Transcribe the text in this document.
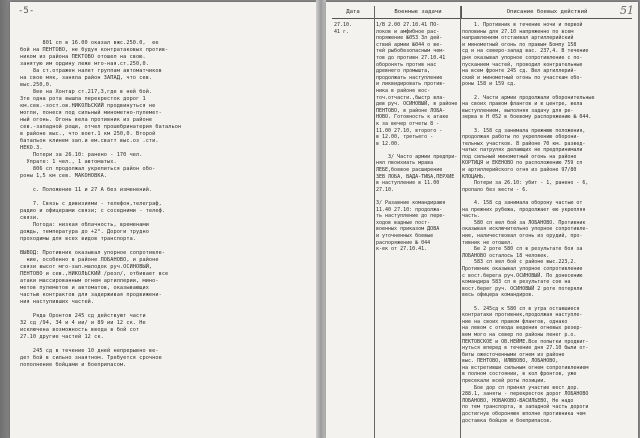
-5-
801 сп в 16.00 оказал вжс.250.0,  ее
бой на ПЕНТОВО, не будуя контратаковых против-
ником из района ПЕКТОВО отошел на свою.
занятую им ордину леже мго-ная.ст.250,0.
8а ст.отражен налет группам автоматчиков
на свое мяк, заняла район ЗАПАД, что сев.
выс.250,0.
8ее на Хонтар ст.217,3,где в ней бой.
Зте одна рота вышла перекресток дорог 1
км.сев.-зост.ов.НИКОЛЬСКИЙ продвинуться не
могли, понеся под сильный минометно-пулемет-
ный огонь. Огонь вела противник из районе
сев.-западной рощи, отчел прошебринатерия батальон
в районе выс., что воет.1 км 250,0. Второй
батальон клинем зап.и ем.сватт выс.оз .сти.
НЕКО.3.
Потери за 26.10: ранено - 170 чел.
Упрате: 1 чел., 1 автоматых.
806 сп продолжал укрепиться район обо-
роны 1,5 км сев. МАКОНОВКА.

с. Положение 11 и 27 А без изменений.

7. Связь с дивизиями - телефон,телеграф,
радио и офицерами связи; с соседними - телеф.
связи.
Погода: низкая облачность, временами
дождь, температура до +2°. Дороги трудно
проходимы для всех видов транспорта.

ВЫВОД: Противник оказывал упорное сопротивле-
ние, особенно в районе ЛОБАНОВО, и районе
связи высот мго-зап.малодок руч.ОСИНОВЫЙ,
ПЕНТОВО и сев.,НИКОЛЬСКИЙ /резл/, отбивает все
атаки массированным огнем артиллерии, мино-
метов пулеметов и автоматов, оказывающих
частью контрактов для задерживая продвижени-
ния наступивших частей.

Ряда Оронтов 245 сд действуют части
32 сд /94, 34 и 4 ии/ и 89 ии 12 ск. Не
исключена возможность ввода в бой сот
27.10 другие частей 12 ск.

245 сд в течение 10 дней непрерывно ве-
дет бой в сильно знаятном. Требуется срочное
пополнение бойцами и боеприпасом.
51
Дата	Военные задачи	Описание боевых действий
27.10.
41 г.
1/В 2.00 27.10.41 ПО-
локов и амфибное рас-
поряжение №053 3л дей-
ствий армии №044 о ве-
тей рыбобезопасным чем-
тов до противн 27.10.41
оборонять против нас
древнего промышта,
продолжать наступление
и ликвидировать против-
ника в районе вос-
точ.отчасти.,быстр вла-
дев руч. ОСИНОВЫЙ, в районе
ПЕНТОВО, в районе ЛОБА-
НОВО. Готовность к атаке
к за вечер отчеты 8 -
11.00 27.10, второго -
в 12.00, третьего -
в 12.00.

3/ Часто армии предпри-
нял пвоихиать мрава
ЛЕБЕ,боевое расширение
ЗЕВ ЛОБА, ВАДА-ТИБА,ПЕРХИЕ
в наступление в 11.00
27.10.

3/ Разавние командираюя
11.40 27.10: продолжа-
ть наступление до пере-
ходов вадные пост-
военных приказом ДОВА
и уточненных боевые
распоряжение № 044
к-ек от 27.10.41.
1. Противник в течение ночи и первой
половины для 27.10 напряженно по всем
направлениям отстаивал артиллерийский
и минометный огонь по правым Бомпу 158
сд и на северо-запад вас. 237,4. В течение
дня оказывал упорное сопротивление с по-
пусканием частей, проводил контрательные
на всем фронте 245 сд. Вел артиллерий-
ский и минометный огонь по участкам обо-
роны 158 и 159 сд.

2. Части армии продолжали оборонительные
на своих правом флангов и в центре, вела
выступлением, выполняя задачу для ре-
зерва в Н 052 в боевому распоряжению № 044.

3. 158 сд занимала прежнюю положения,
продолжая работы по укреплению оборони-
тельных участков. В районе 70 км. развед-
чатых патрулях делающих не предпринимали
под сильный минометный огонь на районе
КОРТИЦЯ и ЕКЕНОВО по расположению 759 сп
и артиллерийского огня из районе 97/80
КЛОЦАНЬ.
Потери за 26.10: убит - 1, ранено - 6,
пропало без вести - 6.

4. 158 сд занимала оборону частью от
на прежних рубежа, продолжает ею укрепляя
часть.
580 сп вел бой за ЛОБАНОВО. Противник
оказывая исключительно упорное сопротивле-
ние, наличествовал огонь из орудий, про-
тивник не отошел.
Бе 2 роте 580 сп в результате боя за
ЛОБАНОВО осталось 18 человек.
583 сп вел бой с районе выс.223,2.
Противник оказывал упорное сопротивление
с вост.берега руч.ОСИНОВЫЙ. По донесению
командира 583 сп в результате сое на
вост.берег руч. ОСИНОВЫЙ 2 роте потеряли
весь офицера командиров.

5. 245сд к 580 сп в утра оставшиеся
контратаки противник,продолжая наступле-
ние на своих правом флангов, однако
на левом с отвода ведения огневых резер-
вем мого на север по районы пенег р.о.
ПЕКТОВСКОЕ и ОВ.НЕЙМЕ.Все попытки продвиг-
нуться вперед в течение дня 27.10 были от-
биты ожесточенными огнем из районе
выс. ПЕНТОВО, ИЛЮВОВО, ЛОБАНОВО,
на встретивши сильным огнем сопротивлением
в полном состоянии, в кол фронтов, уже
пресекали всей роты позиции.
Бое дор сп принял участие вест дор.
288.1, заняты - перекресток дорог ЛОБАНОВО
ЛОБАНОВО, НОВАКОВО-ВАСИЛЬЕВО, Не надо
по тем транспорта, в западной часть дороги
достигнув обороняюя вполне противника чем
доставка бойцов и боеприпасов.
